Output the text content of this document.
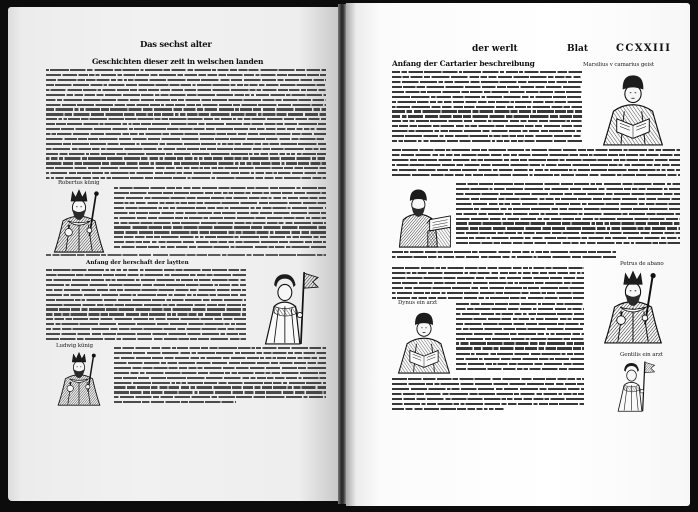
Das sechst alter
Geschichten dieser zeit in welschen landen
Robertus künig
Anfang der herschaft der laytten
Ludwig künig
der werlt	Blat	CCXXIII
Anfang der Cartarier beschreibung	Marsilius v camarius geist
Petrus de abano
Dynus ein arzt
Gentilis ein arzt
